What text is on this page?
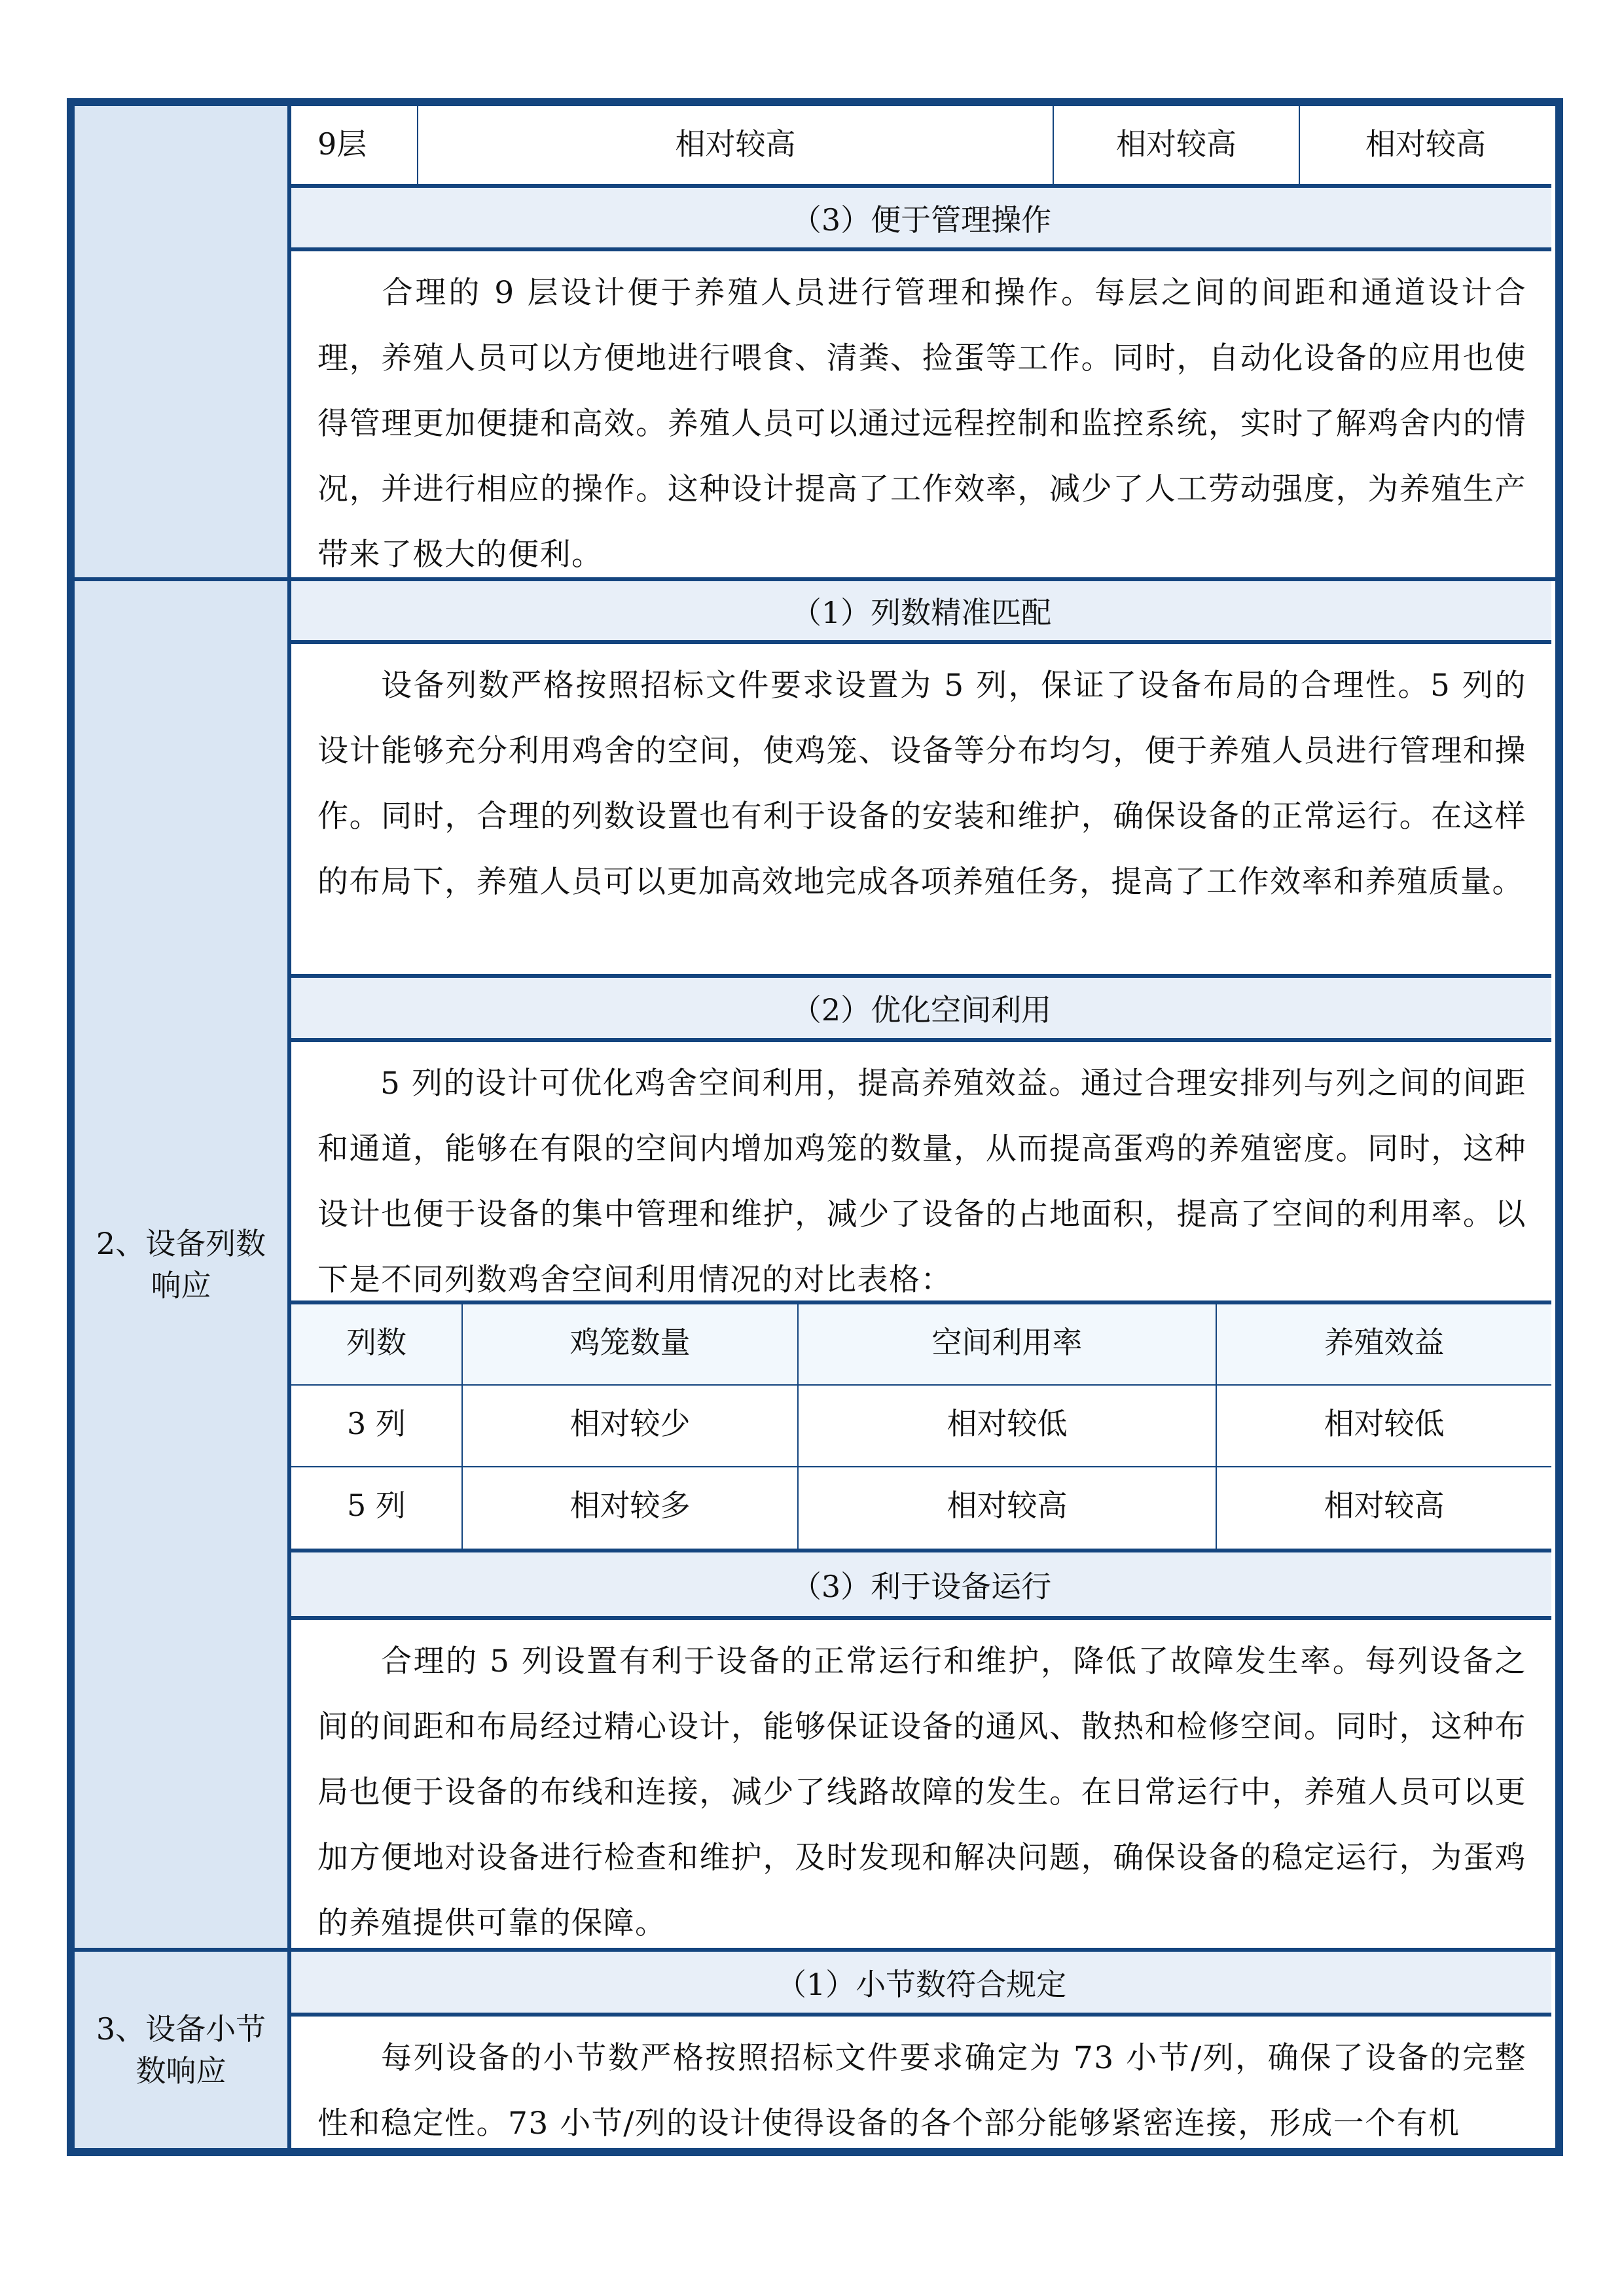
9层	相对较高	相对较高	相对较高
（3）便于管理操作
合理的 9 层设计便于养殖人员进行管理和操作。每层之间的间距和通道设计合理，养殖人员可以方便地进行喂食、清粪、捡蛋等工作。同时，自动化设备的应用也使得管理更加便捷和高效。养殖人员可以通过远程控制和监控系统，实时了解鸡舍内的情况，并进行相应的操作。这种设计提高了工作效率，减少了人工劳动强度，为养殖生产带来了极大的便利。
2、设备列数响应
（1）列数精准匹配
设备列数严格按照招标文件要求设置为 5 列，保证了设备布局的合理性。5 列的设计能够充分利用鸡舍的空间，使鸡笼、设备等分布均匀，便于养殖人员进行管理和操作。同时，合理的列数设置也有利于设备的安装和维护，确保设备的正常运行。在这样的布局下，养殖人员可以更加高效地完成各项养殖任务，提高了工作效率和养殖质量。
（2）优化空间利用
5 列的设计可优化鸡舍空间利用，提高养殖效益。通过合理安排列与列之间的间距和通道，能够在有限的空间内增加鸡笼的数量，从而提高蛋鸡的养殖密度。同时，这种设计也便于设备的集中管理和维护，减少了设备的占地面积，提高了空间的利用率。以下是不同列数鸡舍空间利用情况的对比表格：
列数	鸡笼数量	空间利用率	养殖效益
3 列	相对较少	相对较低	相对较低
5 列	相对较多	相对较高	相对较高
（3）利于设备运行
合理的 5 列设置有利于设备的正常运行和维护，降低了故障发生率。每列设备之间的间距和布局经过精心设计，能够保证设备的通风、散热和检修空间。同时，这种布局也便于设备的布线和连接，减少了线路故障的发生。在日常运行中，养殖人员可以更加方便地对设备进行检查和维护，及时发现和解决问题，确保设备的稳定运行，为蛋鸡的养殖提供可靠的保障。
3、设备小节数响应
（1）小节数符合规定
每列设备的小节数严格按照招标文件要求确定为 73 小节/列，确保了设备的完整性和稳定性。73 小节/列的设计使得设备的各个部分能够紧密连接，形成一个有机
